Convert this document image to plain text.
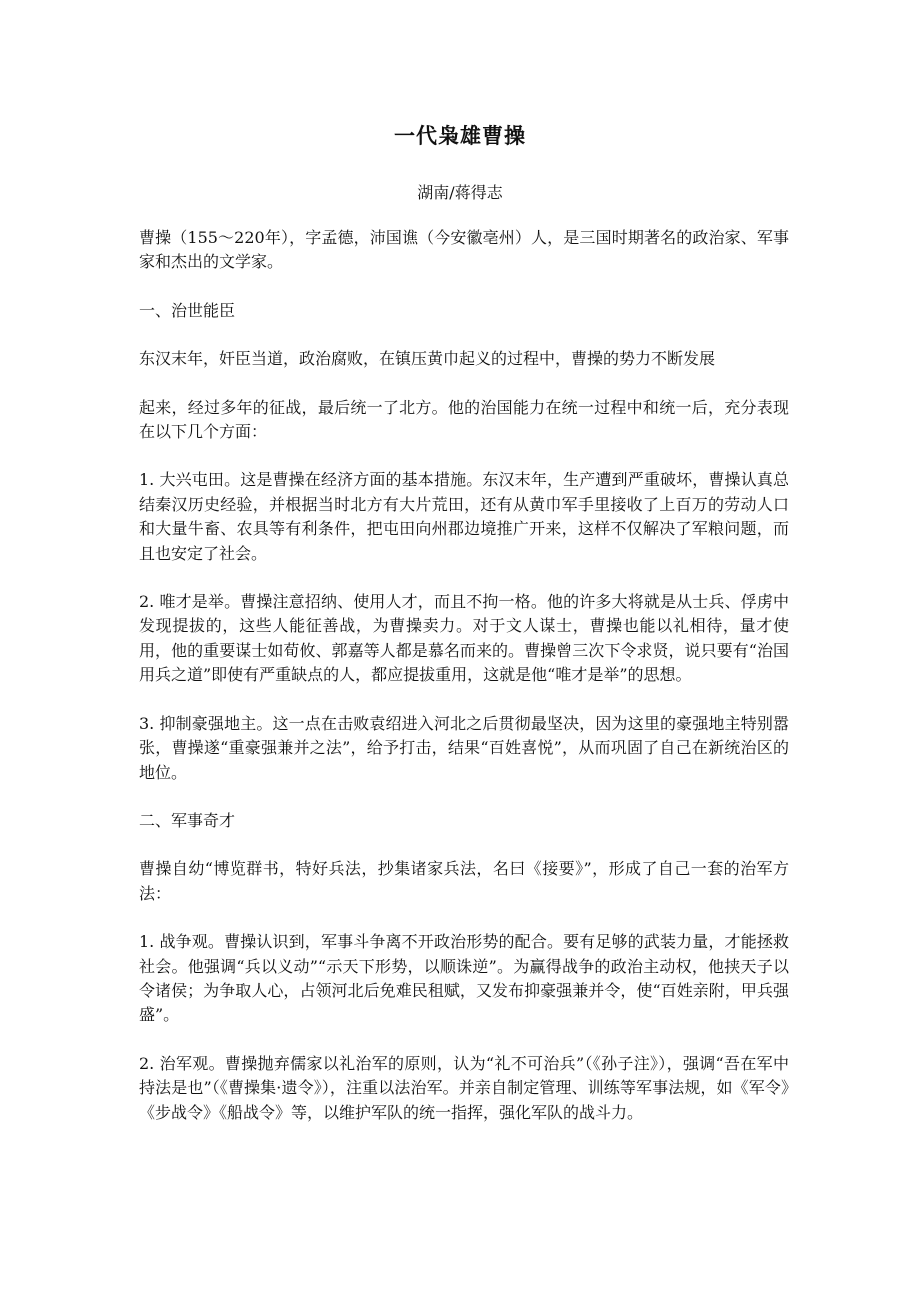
一代枭雄曹操
湖南/蒋得志

曹操（155～220年），字孟德，沛国谯（今安徽亳州）人，是三国时期著名的政治家、军事家和杰出的文学家。

一、治世能臣

东汉末年，奸臣当道，政治腐败，在镇压黄巾起义的过程中，曹操的势力不断发展

起来，经过多年的征战，最后统一了北方。他的治国能力在统一过程中和统一后，充分表现在以下几个方面：

1. 大兴屯田。这是曹操在经济方面的基本措施。东汉末年，生产遭到严重破坏，曹操认真总结秦汉历史经验，并根据当时北方有大片荒田，还有从黄巾军手里接收了上百万的劳动人口和大量牛畜、农具等有利条件，把屯田向州郡边境推广开来，这样不仅解决了军粮问题，而且也安定了社会。

2. 唯才是举。曹操注意招纳、使用人才，而且不拘一格。他的许多大将就是从士兵、俘虏中发现提拔的，这些人能征善战，为曹操卖力。对于文人谋士，曹操也能以礼相待，量才使用，他的重要谋士如荀攸、郭嘉等人都是慕名而来的。曹操曾三次下令求贤，说只要有“治国用兵之道”即使有严重缺点的人，都应提拔重用，这就是他“唯才是举”的思想。

3. 抑制豪强地主。这一点在击败袁绍进入河北之后贯彻最坚决，因为这里的豪强地主特别嚣张，曹操遂“重豪强兼并之法”，给予打击，结果“百姓喜悦”，从而巩固了自己在新统治区的地位。

二、军事奇才

曹操自幼“博览群书，特好兵法，抄集诸家兵法，名曰《接要》”，形成了自己一套的治军方法：

1. 战争观。曹操认识到，军事斗争离不开政治形势的配合。要有足够的武装力量，才能拯救社会。他强调“兵以义动”“示天下形势，以顺诛逆”。为赢得战争的政治主动权，他挟天子以令诸侯；为争取人心，占领河北后免难民租赋，又发布抑豪强兼并令，使“百姓亲附，甲兵强盛”。

2. 治军观。曹操抛弃儒家以礼治军的原则，认为“礼不可治兵”（《孙子注》），强调“吾在军中持法是也”（《曹操集·遗令》），注重以法治军。并亲自制定管理、训练等军事法规，如《军令》《步战令》《船战令》等，以维护军队的统一指挥，强化军队的战斗力。
